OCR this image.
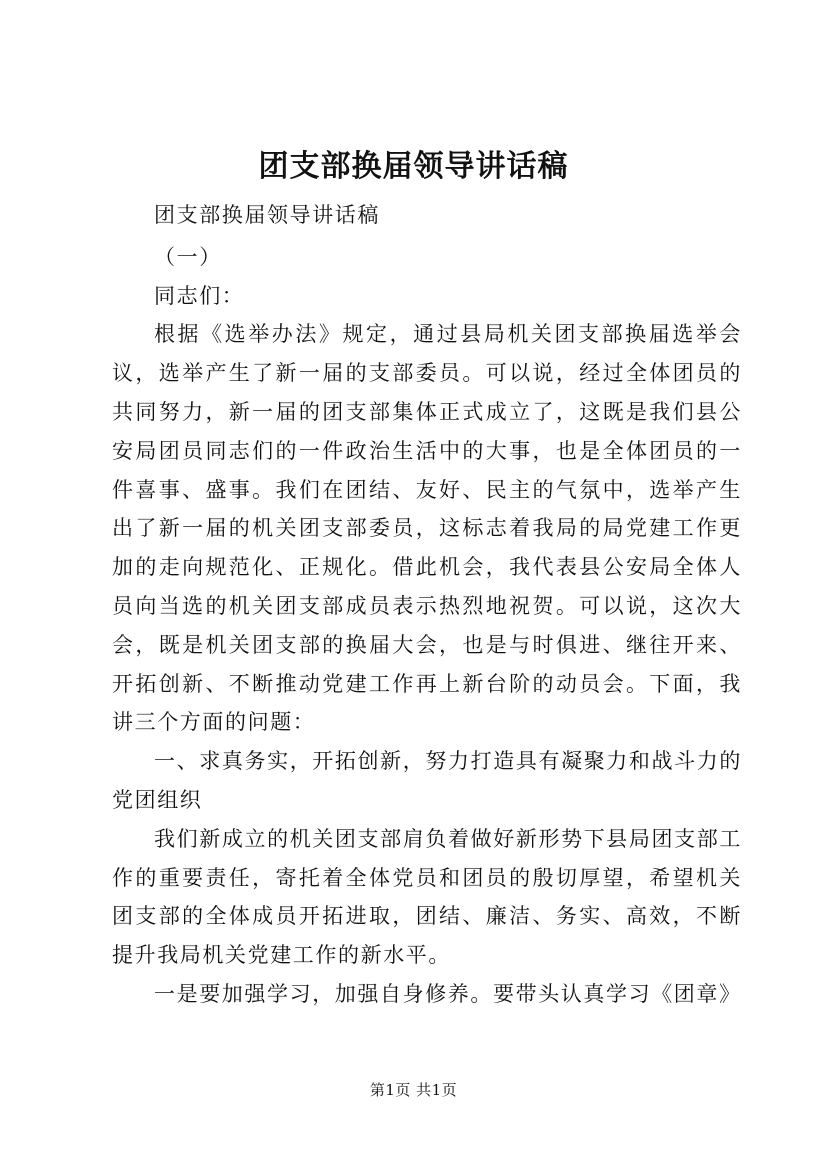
团支部换届领导讲话稿

团支部换届领导讲话稿

（一）

同志们：

根据《选举办法》规定，通过县局机关团支部换届选举会议，选举产生了新一届的支部委员。可以说，经过全体团员的共同努力，新一届的团支部集体正式成立了，这既是我们县公安局团员同志们的一件政治生活中的大事，也是全体团员的一件喜事、盛事。我们在团结、友好、民主的气氛中，选举产生出了新一届的机关团支部委员，这标志着我局的局党建工作更加的走向规范化、正规化。借此机会，我代表县公安局全体人员向当选的机关团支部成员表示热烈地祝贺。可以说，这次大会，既是机关团支部的换届大会，也是与时俱进、继往开来、开拓创新、不断推动党建工作再上新台阶的动员会。下面，我讲三个方面的问题：

一、求真务实，开拓创新，努力打造具有凝聚力和战斗力的党团组织

我们新成立的机关团支部肩负着做好新形势下县局团支部工作的重要责任，寄托着全体党员和团员的殷切厚望，希望机关团支部的全体成员开拓进取，团结、廉洁、务实、高效，不断提升我局机关党建工作的新水平。

一是要加强学习，加强自身修养。要带头认真学习《团章》

第1页 共1页
